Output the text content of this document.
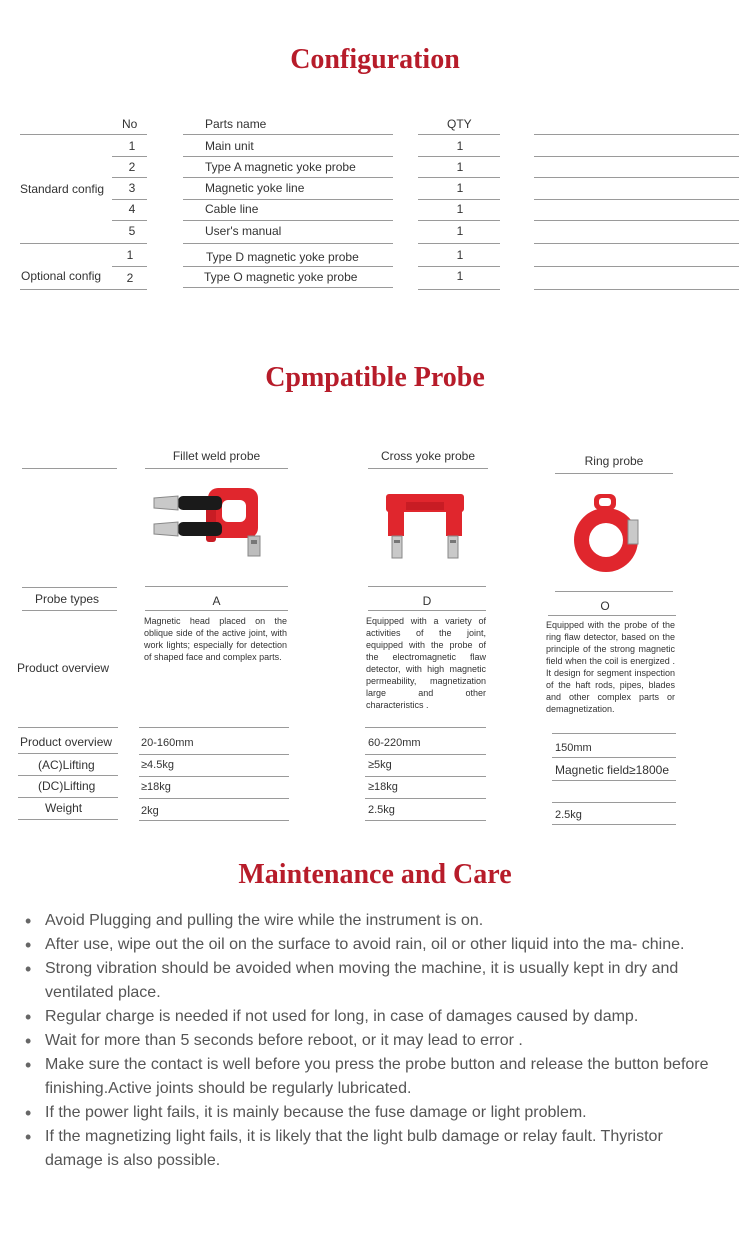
Configuration
No	Parts name	QTY
Standard config
Optional config
1	Main unit	1
2	Type A magnetic yoke probe	1
3	Magnetic yoke line	1
4	Cable line	1
5	User's manual	1
1	Type D magnetic yoke probe	1
2	Type O magnetic yoke probe	1
Cpmpatible Probe
Fillet weld probe	Cross yoke probe	Ring probe
Probe types	A	D	O
Product overview
Magnetic head placed on the oblique side of the active joint, with work lights; especially for detection of shaped face and complex parts.
Equipped with a variety of activities of the joint, equipped with the probe of the electromagnetic flaw detector, with high magnetic permeability, magnetization large and other characteristics .
Equipped with the probe of the ring flaw detector, based on the principle of the strong magnetic field when the coil is energized . It design for segment inspection of the haft rods, pipes, blades and other complex parts or demagnetization.
Product overview	20-160mm	60-220mm	150mm
(AC)Lifting	≥4.5kg	≥5kg	Magnetic field≥1800e
(DC)Lifting	≥18kg	≥18kg
Weight	2kg	2.5kg	2.5kg
Maintenance and Care
• Avoid Plugging and pulling the wire while the instrument is on.
• After use, wipe out the oil on the surface to avoid rain, oil or other liquid into the ma- chine.
• Strong vibration should be avoided when moving the machine, it is usually kept in dry and ventilated place.
• Regular charge is needed if not used for long, in case of damages caused by damp.
• Wait for more than 5 seconds before reboot, or it may lead to error .
• Make sure the contact is well before you press the probe button and release the button before finishing.Active joints should be regularly lubricated.
• If the power light fails, it is mainly because the fuse damage or light problem.
• If the magnetizing light fails, it is likely that the light bulb damage or relay fault. Thyristor damage is also possible.
